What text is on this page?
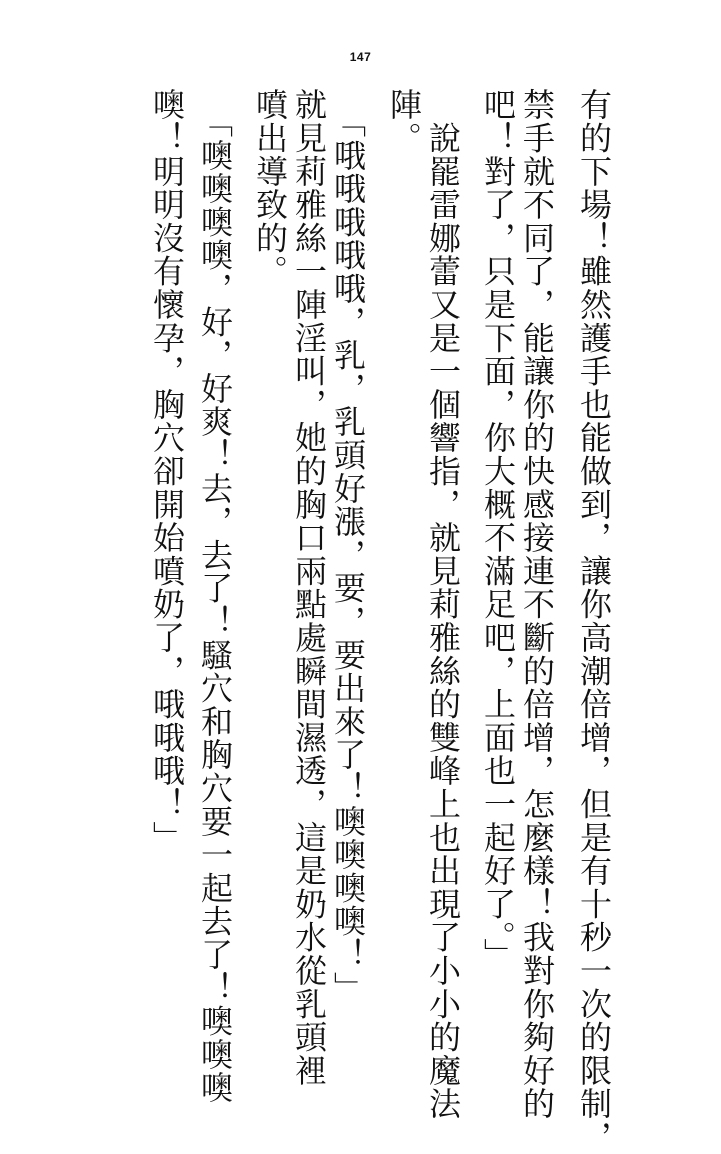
147
有的下場！雖然護手也能做到，讓你高潮倍增，但是有十秒一次的限制，
禁手就不同了，能讓你的快感接連不斷的倍增，怎麼樣！我對你夠好的
吧！對了，只是下面，你大概不滿足吧，上面也一起好了。」
　說罷雷娜蕾又是一個響指，就見莉雅絲的雙峰上也出現了小小的魔法
陣。
　「哦哦哦哦哦，乳，乳頭好漲，要，要出來了！噢噢噢噢！」
就見莉雅絲一陣淫叫，她的胸口兩點處瞬間濕透，這是奶水從乳頭裡
噴出導致的。
　「噢噢噢噢，好，好爽！去，去了！騷穴和胸穴要一起去了！噢噢噢
噢！明明沒有懷孕，胸穴卻開始噴奶了，哦哦哦！」
